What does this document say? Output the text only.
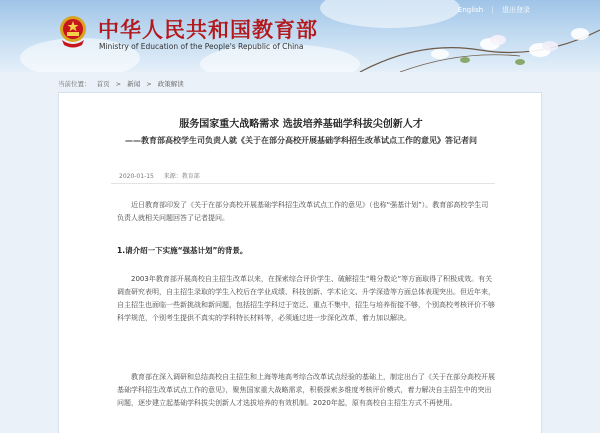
中华人民共和国教育部
Ministry of Education of the People's Republic of China
English | 退出登录
当前位置： 首页 > 新闻 > 政策解读
服务国家重大战略需求 选拔培养基础学科拔尖创新人才
——教育部高校学生司负责人就《关于在部分高校开展基础学科招生改革试点工作的意见》答记者问
2020-01-15 来源：教育部

近日教育部印发了《关于在部分高校开展基础学科招生改革试点工作的意见》（也称“强基计划”）。教育部高校学生司负责人就相关问题回答了记者提问。

1.请介绍一下实施“强基计划”的背景。

2003年教育部开展高校自主招生改革以来，在探索综合评价学生、破解招生“唯分数论”等方面取得了积极成效。有关调查研究表明，自主招生录取的学生入校后在学业成绩、科技创新、学术论文、升学深造等方面总体表现突出。但近年来，自主招生也面临一些新挑战和新问题，包括招生学科过于宽泛、重点不集中，招生与培养衔接不够，个别高校考核评价不够科学规范，个别考生提供不真实的学科特长材料等，必须通过进一步深化改革，着力加以解决。

教育部在深入调研和总结高校自主招生和上海等地高考综合改革试点经验的基础上，制定出台了《关于在部分高校开展基础学科招生改革试点工作的意见》，聚焦国家重大战略需求，积极探索多维度考核评价模式，着力解决自主招生中的突出问题，逐步建立起基础学科拔尖创新人才选拔培养的有效机制。2020年起，原有高校自主招生方式不再使用。
